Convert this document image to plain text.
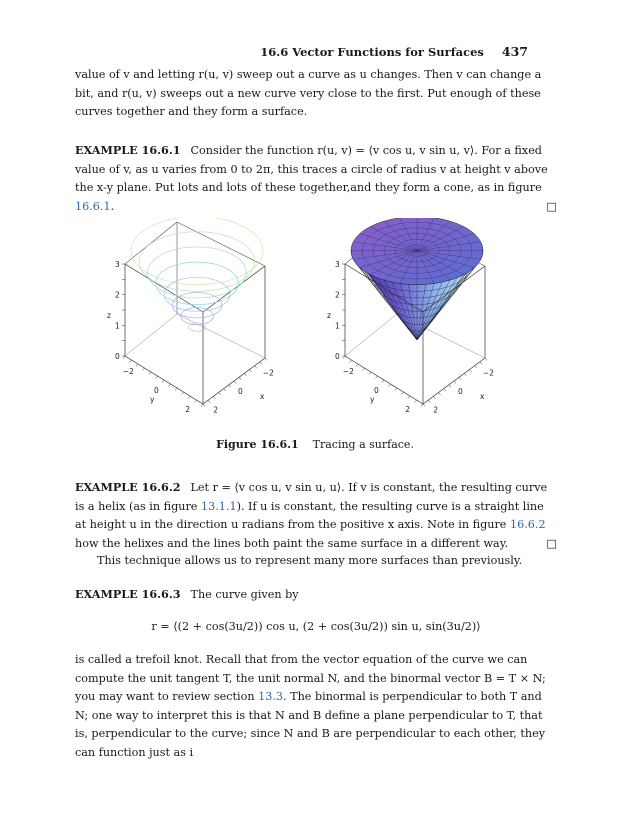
16.6 Vector Functions for Surfaces 437
value of v and letting r(u, v) sweep out a curve as u changes. Then v can change a bit, and r(u, v) sweeps out a new curve very close to the first. Put enough of these curves together and they form a surface.
EXAMPLE 16.6.1 Consider the function r(u, v) = ⟨v cos u, v sin u, v⟩. For a fixed value of v, as u varies from 0 to 2π, this traces a circle of radius v at height v above the x-y plane. Put lots and lots of these together,and they form a cone, as in figure 16.6.1.	□
3
2
1
0
z
−2
0
2
y
2
0
−2
x
3
2
1
0
z
−2
0
2
y
2
0
−2
x
Figure 16.6.1 Tracing a surface.
EXAMPLE 16.6.2 Let r = ⟨v cos u, v sin u, u⟩. If v is constant, the resulting curve is a helix (as in figure 13.1.1). If u is constant, the resulting curve is a straight line at height u in the direction u radians from the positive x axis. Note in figure 16.6.2 how the helixes and the lines both paint the same surface in a different way.	□
This technique allows us to represent many more surfaces than previously.
EXAMPLE 16.6.3 The curve given by
r = ⟨(2 + cos(3u/2)) cos u, (2 + cos(3u/2)) sin u, sin(3u/2)⟩
is called a trefoil knot. Recall that from the vector equation of the curve we can compute the unit tangent T, the unit normal N, and the binormal vector B = T × N; you may want to review section 13.3. The binormal is perpendicular to both T and N; one way to interpret this is that N and B define a plane perpendicular to T, that is, perpendicular to the curve; since N and B are perpendicular to each other, they can function just as i
